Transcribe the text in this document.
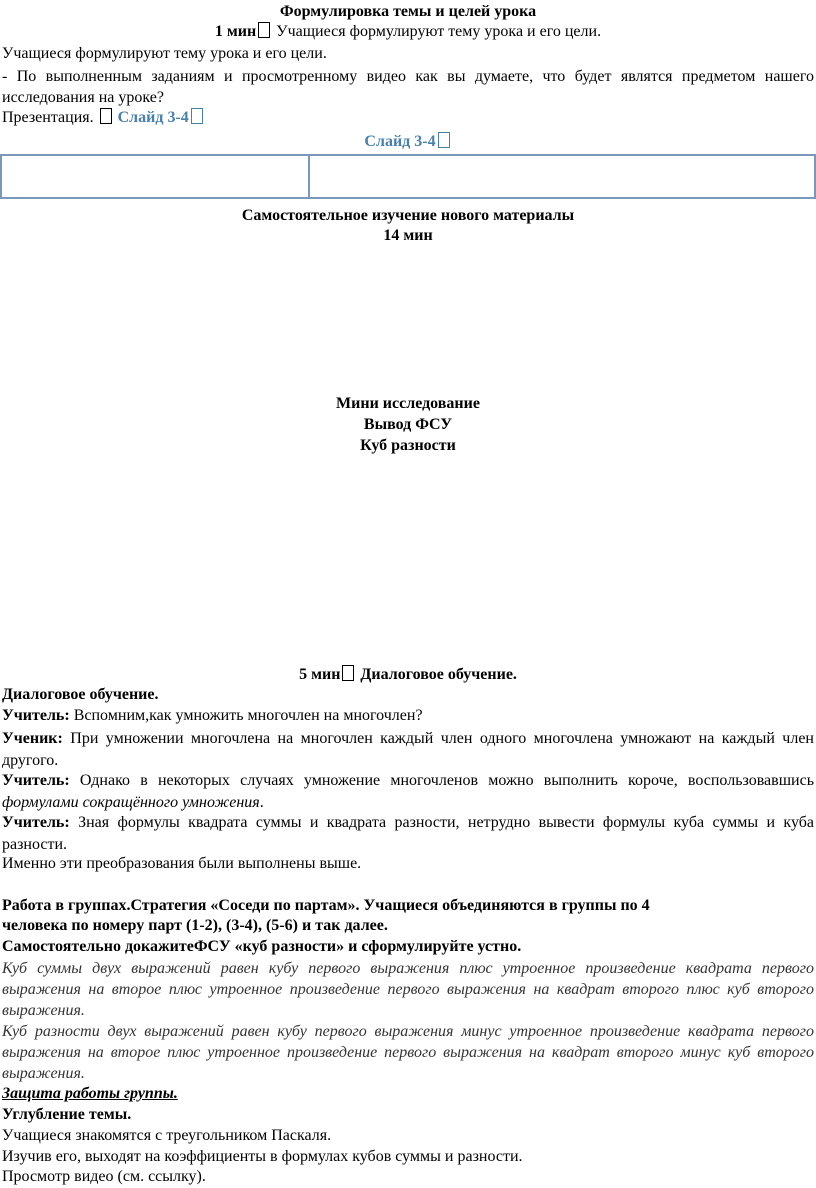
Формулировка темы и целей урока
1 мин Учащиеся формулируют тему урока и его цели.
Учащиеся формулируют тему урока и его цели.
- По выполненным заданиям и просмотренному видео как вы думаете, что будет являтся предметом нашего исследования на уроке?
Презентация. Слайд 3-4
Слайд 3-4

Самостоятельное изучение нового материалы
14 мин
Мини исследование
Вывод ФСУ
Куб разности
5 мин Диалоговое обучение.
Диалоговое обучение.
Учитель: Вспомним,как умножить многочлен на многочлен?
Ученик: При умножении многочлена на многочлен каждый член одного многочлена умножают на каждый член другого.
Учитель: Однако в некоторых случаях умножение многочленов можно выполнить короче, воспользовавшись формулами сокращённого умножения.
Учитель: Зная формулы квадрата суммы и квадрата разности, нетрудно вывести формулы куба суммы и куба разности.
Именно эти преобразования были выполнены выше.
Работа в группах.Стратегия «Соседи по партам». Учащиеся объединяются в группы по 4
человека по номеру парт (1-2), (3-4), (5-6) и так далее.
Самостоятельно докажитеФСУ «куб разности» и сформулируйте устно.
Куб суммы двух выражений равен кубу первого выражения плюс утроенное произведение квадрата первого выражения на второе плюс утроенное произведение первого выражения на квадрат второго плюс куб второго выражения.
Куб разности двух выражений равен кубу первого выражения минус утроенное произведение квадрата первого выражения на второе плюс утроенное произведение первого выражения на квадрат второго минус куб второго выражения.
Защита работы группы.
Углубление темы.
Учащиеся знакомятся с треугольником Паскаля.
Изучив его, выходят на коэффициенты в формулах кубов суммы и разности.
Просмотр видео (см. ссылку).
